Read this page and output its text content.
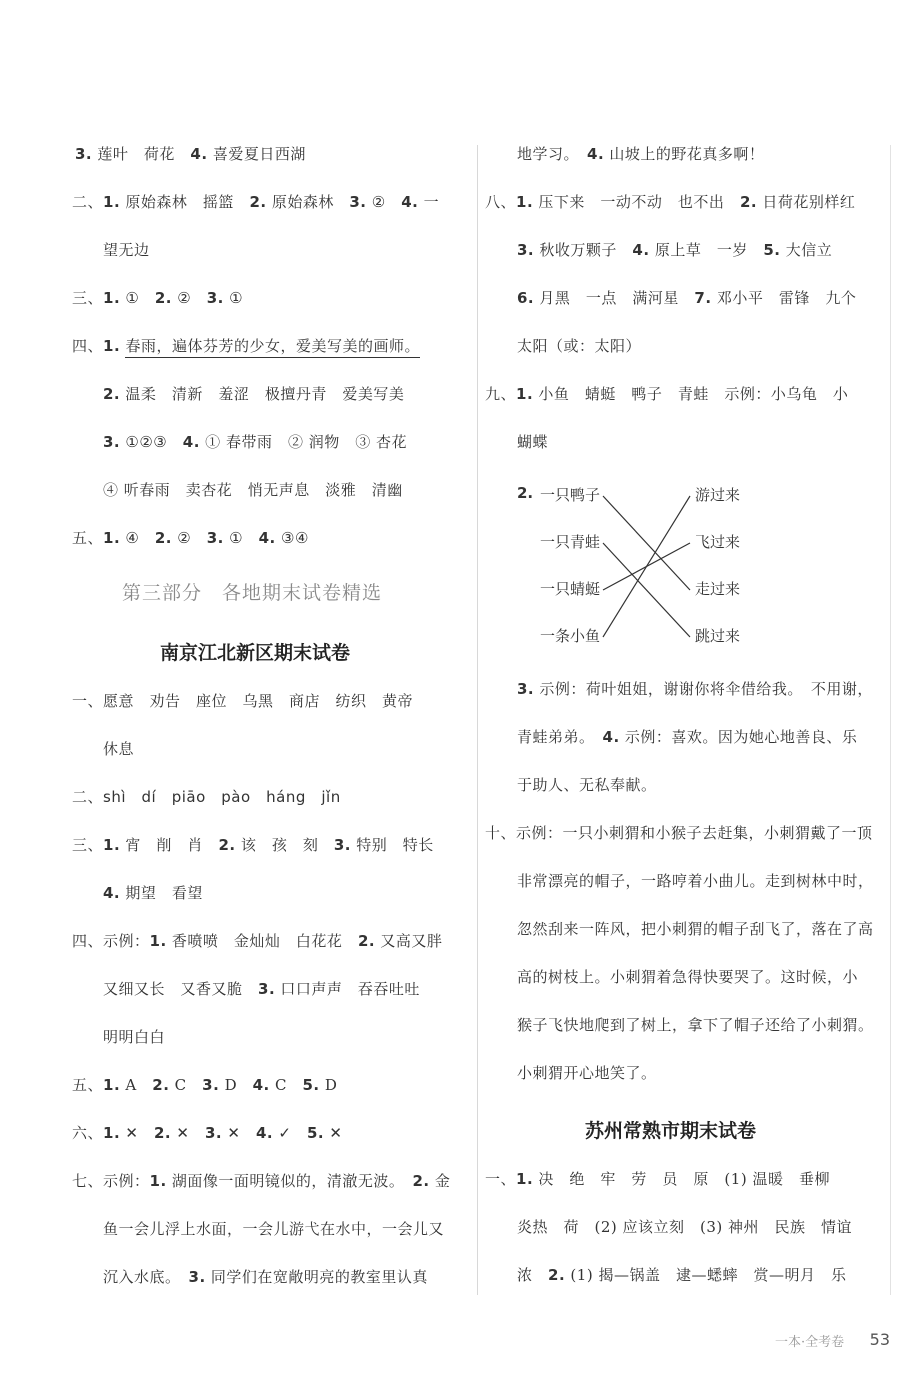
3. 莲叶　荷花　4. 喜爱夏日西湖
二、1. 原始森林　摇篮　2. 原始森林　3. ②　4. 一
望无边
三、1. ①　2. ②　3. ①
四、1. 春雨，遍体芬芳的少女，爱美写美的画师。
2. 温柔　清新　羞涩　极擅丹青　爱美写美
3. ①②③　4. ① 春带雨　② 润物　③ 杏花
④ 听春雨　卖杏花　悄无声息　淡雅　清幽
五、1. ④　2. ②　3. ①　4. ③④
第三部分　各地期末试卷精选
南京江北新区期末试卷
一、愿意　劝告　座位　乌黑　商店　纺织　黄帝
休息
二、shì　dí　piāo　pào　háng　jǐn
三、1. 宵　削　肖　2. 该　孩　刻　3. 特别　特长
4. 期望　看望
四、示例：1. 香喷喷　金灿灿　白花花　2. 又高又胖
又细又长　又香又脆　3. 口口声声　吞吞吐吐
明明白白
五、1. A　2. C　3. D　4. C　5. D
六、1. ✕　2. ✕　3. ✕　4. ✓　5. ✕
七、示例：1. 湖面像一面明镜似的，清澈无波。　2. 金
鱼一会儿浮上水面，一会儿游弋在水中，一会儿又
沉入水底。　3. 同学们在宽敞明亮的教室里认真
地学习。　4. 山坡上的野花真多啊！
八、1. 压下来　一动不动　也不出　2. 日荷花别样红
3. 秋收万颗子　4. 原上草　一岁　5. 大信立
6. 月黑　一点　满河星　7. 邓小平　雷锋　九个
太阳（或：太阳）
九、1. 小鱼　蜻蜓　鸭子　青蛙　示例：小乌龟　小
蝴蝶
2. 一只鸭子
一只青蛙
一只蜻蜓
一条小鱼
游过来
飞过来
走过来
跳过来
3. 示例：荷叶姐姐，谢谢你将伞借给我。　不用谢，
青蛙弟弟。　4. 示例：喜欢。因为她心地善良、乐
于助人、无私奉献。
十、示例：一只小刺猬和小猴子去赶集，小刺猬戴了一顶
非常漂亮的帽子，一路哼着小曲儿。走到树林中时，
忽然刮来一阵风，把小刺猬的帽子刮飞了，落在了高
高的树枝上。小刺猬着急得快要哭了。这时候，小
猴子飞快地爬到了树上，拿下了帽子还给了小刺猬。
小刺猬开心地笑了。
苏州常熟市期末试卷
一、1. 决　绝　牢　劳　员　原　(1) 温暖　垂柳
炎热　荷　(2) 应该立刻　(3) 神州　民族　情谊
浓　2. (1) 揭—锅盖　逮—蟋蟀　赏—明月　乐
一本·全考卷 53
